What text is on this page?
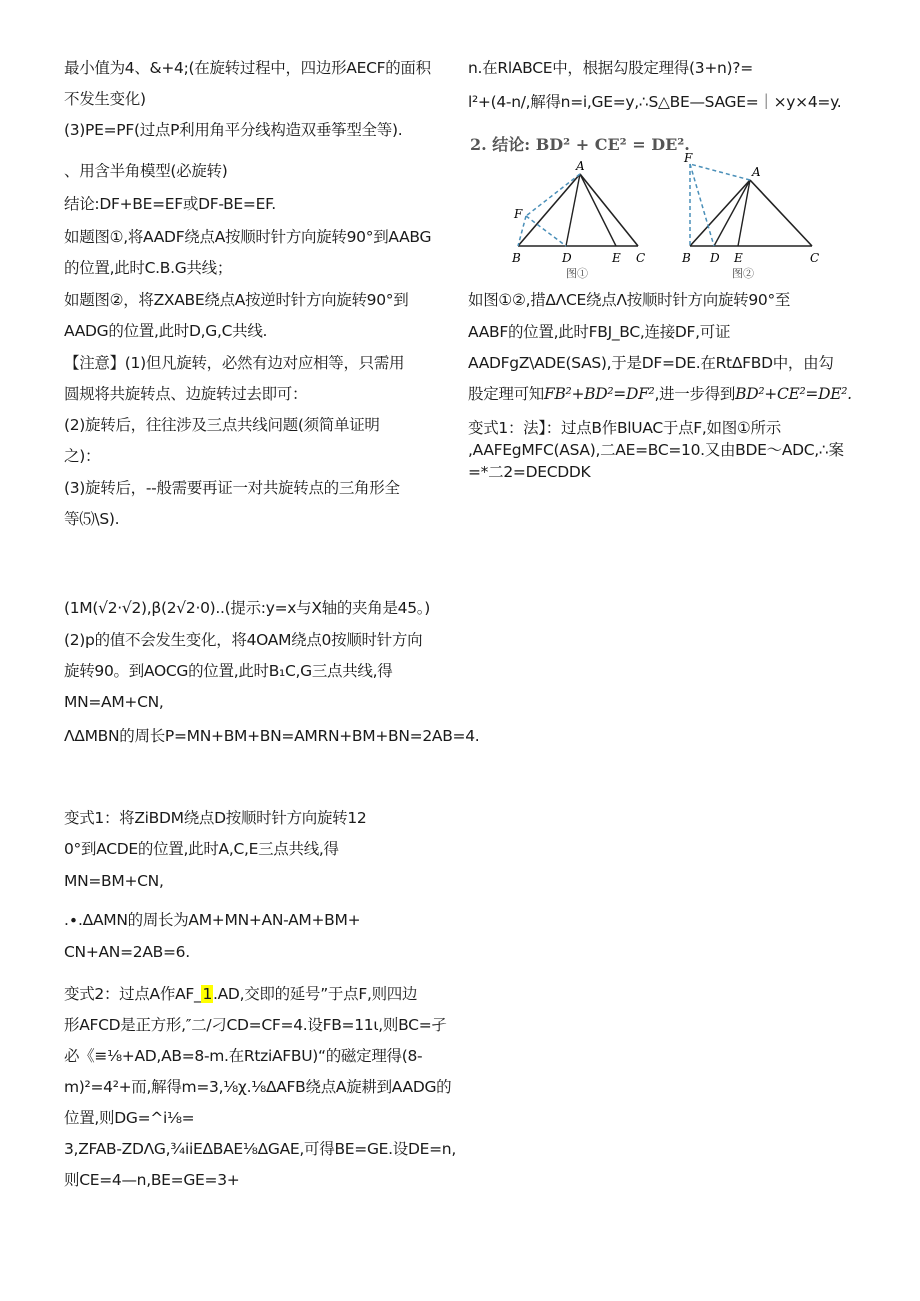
最小值为4、&+4;(在旋转过程中，四边形AECF的面积
不发生变化)
(3)PE=PF(过点P利用角平分线构造双垂筝型全等).
、用含半角模型(必旋转)
结论:DF+BE=EF或DF-BE=EF.
如题图①,将AADF绕点A按顺时针方向旋转90°到AABG
的位置,此时C.B.G共线；
如题图②，将ZXABE绕点A按逆时针方向旋转90°到
AADG的位置,此时D,G,C共线.
【注意】(1)但凡旋转，必然有边对应相等，只需用
圆规将共旋转点、边旋转过去即可：
(2)旋转后，往往涉及三点共线问题(须简单证明
之)：
(3)旋转后，--般需要再证一对共旋转点的三角形全
等⑸\S).
(1M(√2·√2),β(2√2·0)..(提示:y=x与X轴的夹角是45。)
(2)p的值不会发生变化，将4OAM绕点0按顺时针方向
旋转90。到AOCG的位置,此时B₁C,G三点共线,得
MN=AM+CN,
ΛΔMBN的周长P=MN+BM+BN=AMRN+BM+BN=2AB=4.
变式1：将ZiBDM绕点D按顺时针方向旋转12
0°到ACDE的位置,此时A,C,E三点共线,得
MN=BM+CN,
.∙.ΔAMN的周长为AM+MN+AN-AM+BM+
CN+AN=2AB=6.
变式2：过点A作AF_1.AD,交即的延号”于点F,则四边
形AFCD是正方形,″二/刁CD=CF=4.设FB=11ι,则BC=孑
必《≡⅛+AD,AB=8-m.在RtziAFBU)“的磁定理得(8-
m)²=4²+而,解得m=3,⅛χ.⅛ΔAFB绕点A旋耕到AADG的
位置,则DG=^i⅛=
3,ZFAB-ZDΛG,¾iiEΔBAE⅛ΔGAE,可得BE=GE.设DE=n,
则CE=4—n,BE=GE=3+
n.在RlABCE中，根据勾股定理得(3+n)?=
l²+(4-n/,解得n=i,GE=y,∴S△BE—SAGE=｜×y×4=y.
如图①②,措ΔΛCE绕点Λ按顺时针方向旋转90°至
AABF的位置,此时FBJ_BC,连接DF,可证
AADFgZ\ADE(SAS),于是DF=DE.在RtΔFBD中，由勾
股定理可知FB²+BD²=DF²,进一步得到BD²+CE²=DE².
变式1：法】：过点B作BlUAC于点F,如图①所示
,AAFEgMFC(ASA),二AE=BC=10.又由BDE～ADC,∴案
=*二2=DECDDK
2. 结论: BD² + CE² = DE².
A
F
B	D	E C
图①
F
A
B D E	C
图②
